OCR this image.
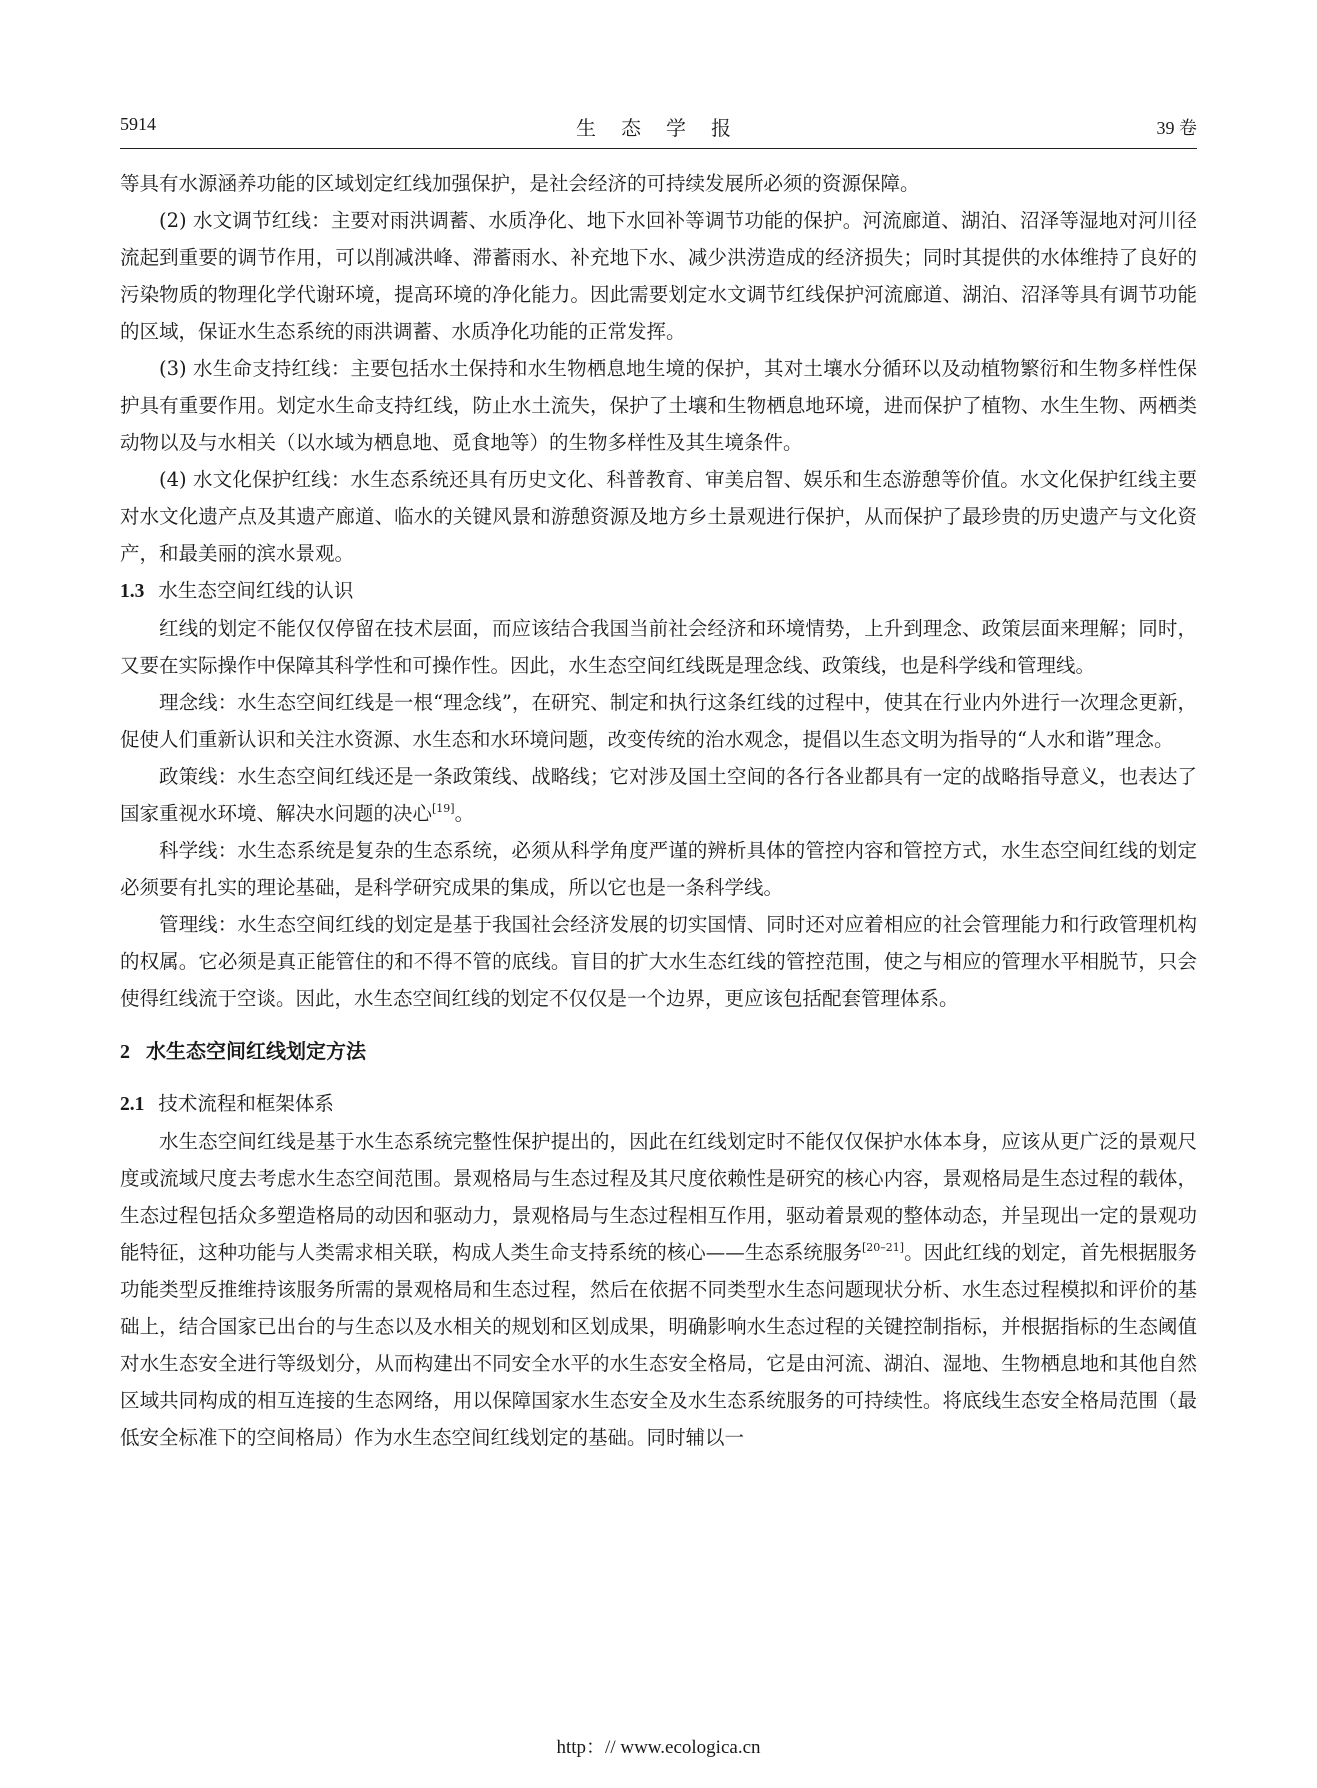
5914	生 态 学 报	39 卷

等具有水源涵养功能的区域划定红线加强保护，是社会经济的可持续发展所必须的资源保障。

(2) 水文调节红线：主要对雨洪调蓄、水质净化、地下水回补等调节功能的保护。河流廊道、湖泊、沼泽等湿地对河川径流起到重要的调节作用，可以削减洪峰、滞蓄雨水、补充地下水、减少洪涝造成的经济损失；同时其提供的水体维持了良好的污染物质的物理化学代谢环境，提高环境的净化能力。因此需要划定水文调节红线保护河流廊道、湖泊、沼泽等具有调节功能的区域，保证水生态系统的雨洪调蓄、水质净化功能的正常发挥。

(3) 水生命支持红线：主要包括水土保持和水生物栖息地生境的保护，其对土壤水分循环以及动植物繁衍和生物多样性保护具有重要作用。划定水生命支持红线，防止水土流失，保护了土壤和生物栖息地环境，进而保护了植物、水生生物、两栖类动物以及与水相关（以水域为栖息地、觅食地等）的生物多样性及其生境条件。

(4) 水文化保护红线：水生态系统还具有历史文化、科普教育、审美启智、娱乐和生态游憩等价值。水文化保护红线主要对水文化遗产点及其遗产廊道、临水的关键风景和游憩资源及地方乡土景观进行保护，从而保护了最珍贵的历史遗产与文化资产，和最美丽的滨水景观。

1.3 水生态空间红线的认识

红线的划定不能仅仅停留在技术层面，而应该结合我国当前社会经济和环境情势，上升到理念、政策层面来理解；同时，又要在实际操作中保障其科学性和可操作性。因此，水生态空间红线既是理念线、政策线，也是科学线和管理线。

理念线：水生态空间红线是一根“理念线”，在研究、制定和执行这条红线的过程中，使其在行业内外进行一次理念更新，促使人们重新认识和关注水资源、水生态和水环境问题，改变传统的治水观念，提倡以生态文明为指导的“人水和谐”理念。

政策线：水生态空间红线还是一条政策线、战略线；它对涉及国土空间的各行各业都具有一定的战略指导意义，也表达了国家重视水环境、解决水问题的决心[19]。

科学线：水生态系统是复杂的生态系统，必须从科学角度严谨的辨析具体的管控内容和管控方式，水生态空间红线的划定必须要有扎实的理论基础，是科学研究成果的集成，所以它也是一条科学线。

管理线：水生态空间红线的划定是基于我国社会经济发展的切实国情、同时还对应着相应的社会管理能力和行政管理机构的权属。它必须是真正能管住的和不得不管的底线。盲目的扩大水生态红线的管控范围，使之与相应的管理水平相脱节，只会使得红线流于空谈。因此，水生态空间红线的划定不仅仅是一个边界，更应该包括配套管理体系。

2 水生态空间红线划定方法
2.1 技术流程和框架体系

水生态空间红线是基于水生态系统完整性保护提出的，因此在红线划定时不能仅仅保护水体本身，应该从更广泛的景观尺度或流域尺度去考虑水生态空间范围。景观格局与生态过程及其尺度依赖性是研究的核心内容，景观格局是生态过程的载体，生态过程包括众多塑造格局的动因和驱动力，景观格局与生态过程相互作用，驱动着景观的整体动态，并呈现出一定的景观功能特征，这种功能与人类需求相关联，构成人类生命支持系统的核心——生态系统服务[20–21]。因此红线的划定，首先根据服务功能类型反推维持该服务所需的景观格局和生态过程，然后在依据不同类型水生态问题现状分析、水生态过程模拟和评价的基础上，结合国家已出台的与生态以及水相关的规划和区划成果，明确影响水生态过程的关键控制指标，并根据指标的生态阈值对水生态安全进行等级划分，从而构建出不同安全水平的水生态安全格局，它是由河流、湖泊、湿地、生物栖息地和其他自然区域共同构成的相互连接的生态网络，用以保障国家水生态安全及水生态系统服务的可持续性。将底线生态安全格局范围（最低安全标准下的空间格局）作为水生态空间红线划定的基础。同时辅以一

http：// www.ecologica.cn
